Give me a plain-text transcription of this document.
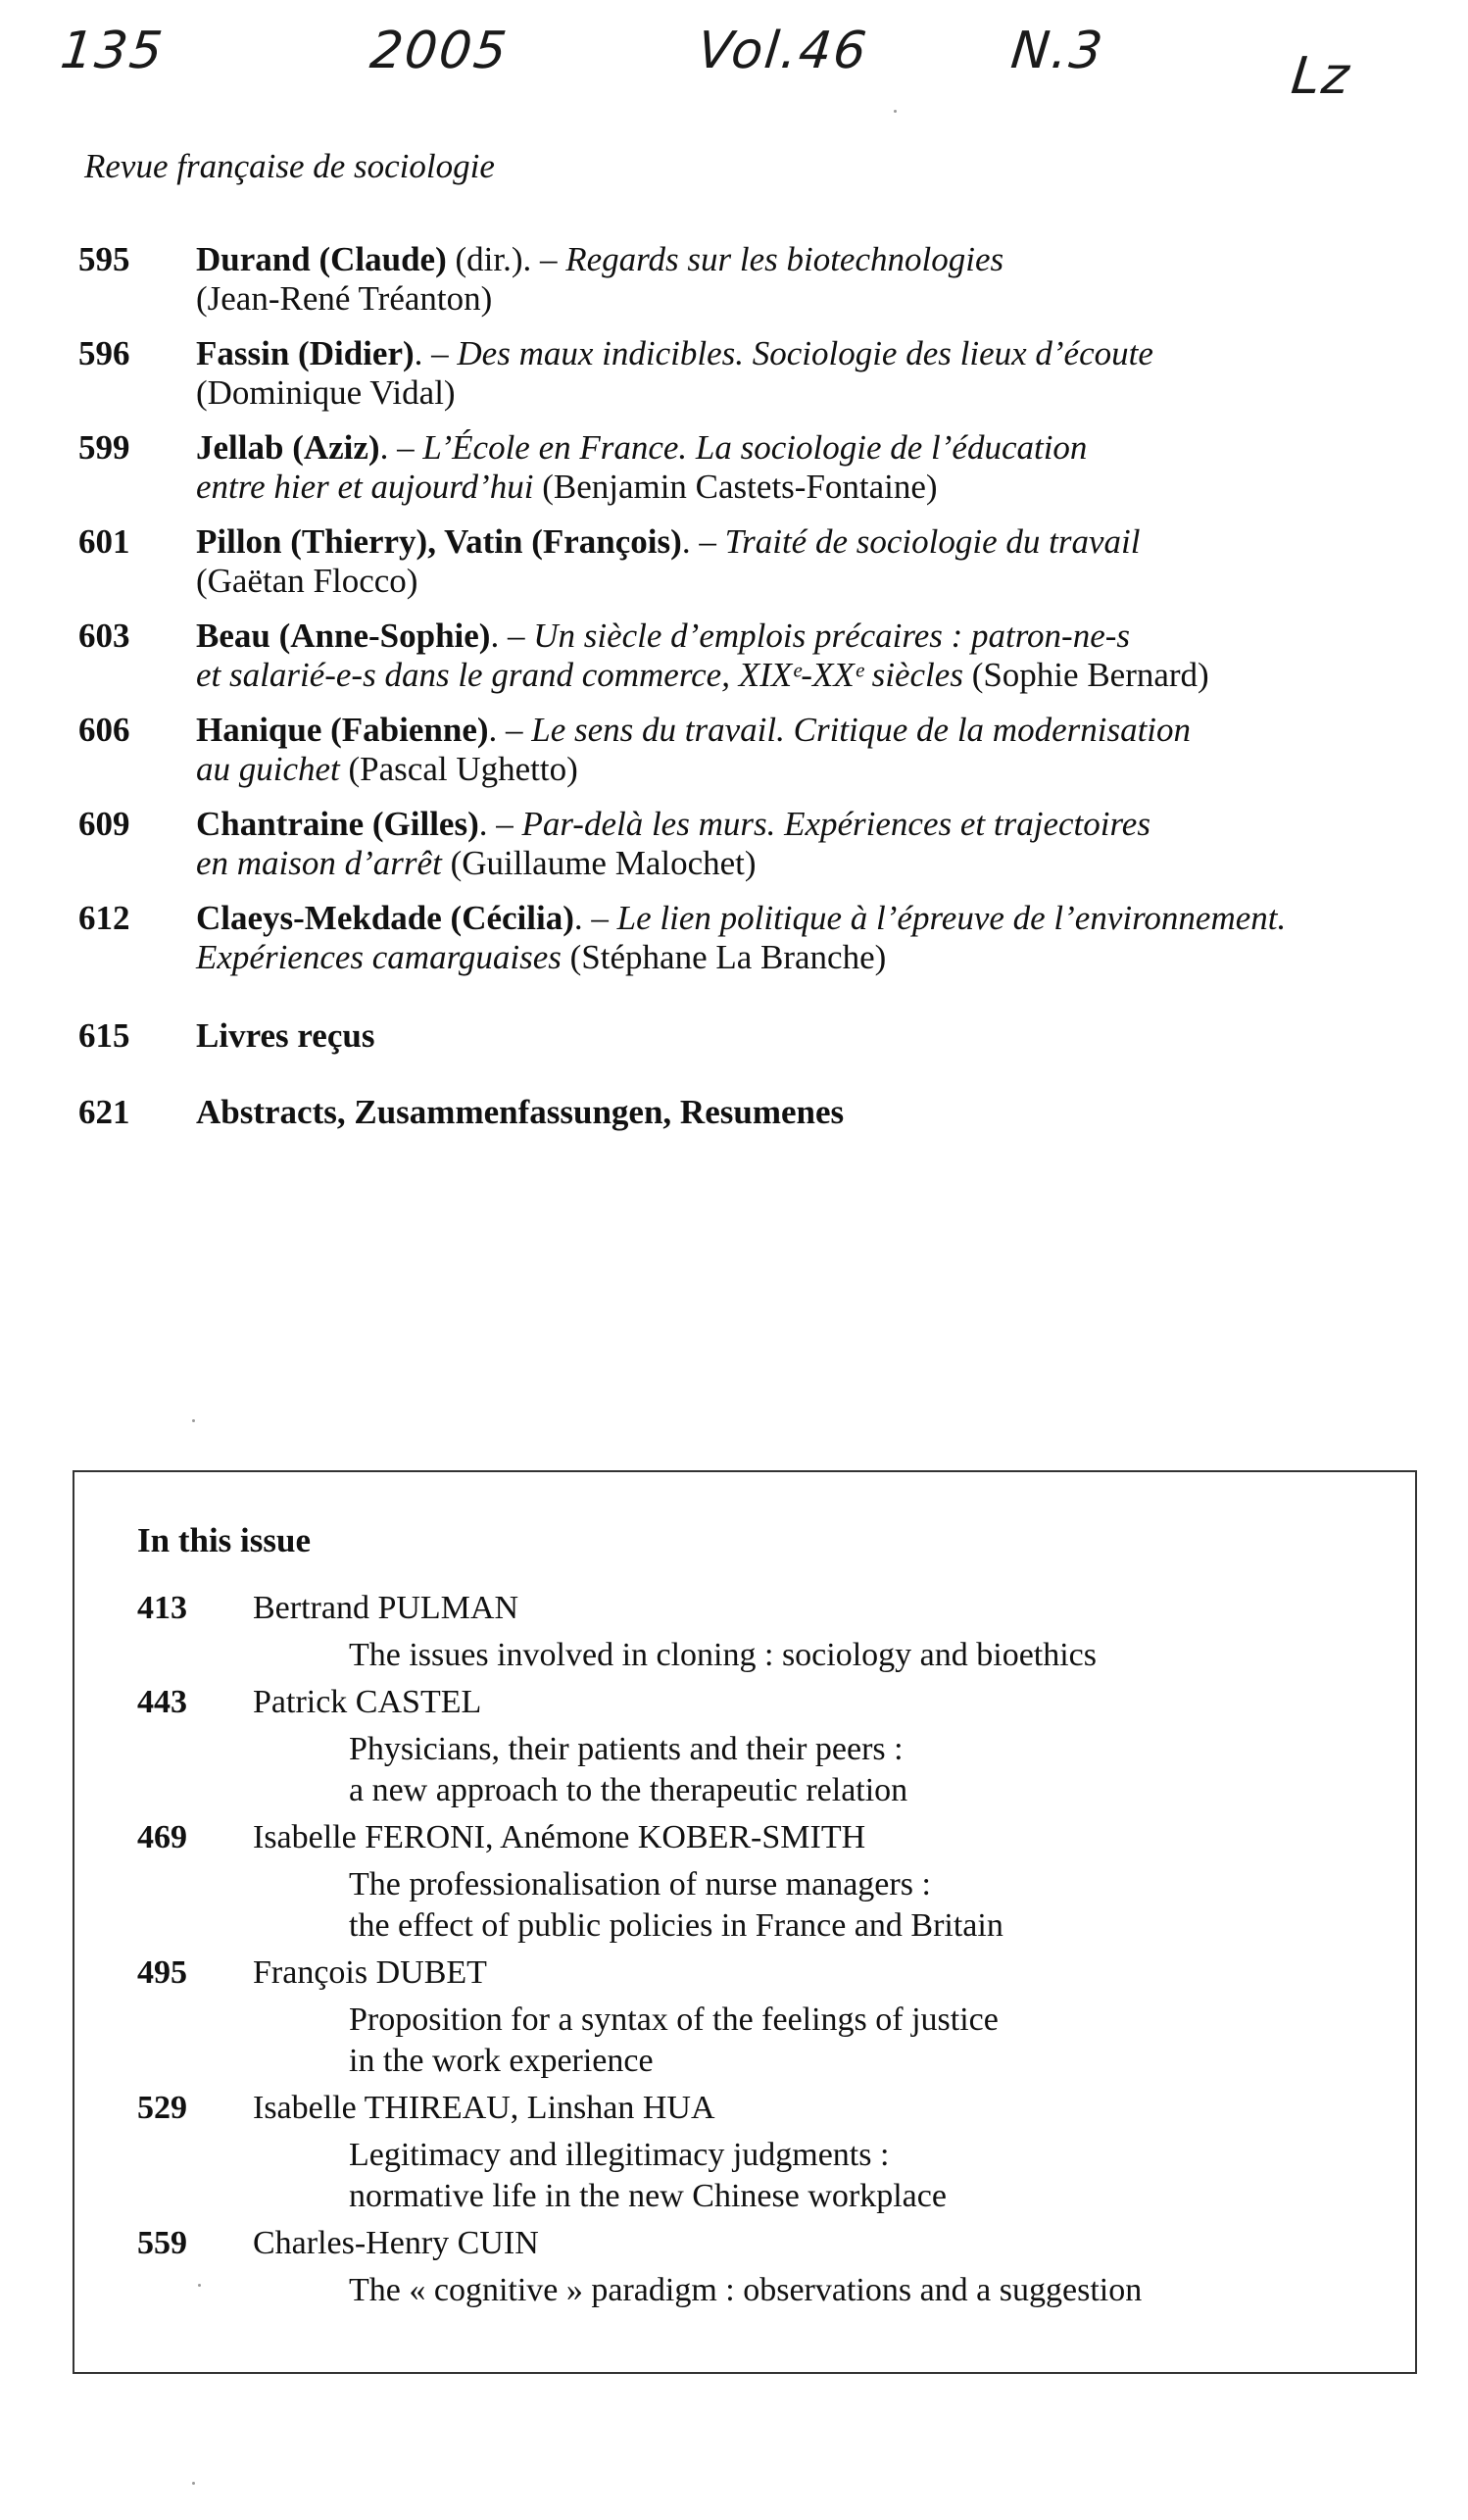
135	2005	Vol.46	N.3	Lz
Revue française de sociologie
595	Durand (Claude) (dir.). – Regards sur les biotechnologies
(Jean-René Tréanton)
596	Fassin (Didier). – Des maux indicibles. Sociologie des lieux d’écoute
(Dominique Vidal)
599	Jellab (Aziz). – L’École en France. La sociologie de l’éducation
entre hier et aujourd’hui (Benjamin Castets-Fontaine)
601	Pillon (Thierry), Vatin (François). – Traité de sociologie du travail
(Gaëtan Flocco)
603	Beau (Anne-Sophie). – Un siècle d’emplois précaires : patron-ne-s
et salarié-e-s dans le grand commerce, XIXᵉ-XXᵉ siècles (Sophie Bernard)
606	Hanique (Fabienne). – Le sens du travail. Critique de la modernisation
au guichet (Pascal Ughetto)
609	Chantraine (Gilles). – Par-delà les murs. Expériences et trajectoires
en maison d’arrêt (Guillaume Malochet)
612	Claeys-Mekdade (Cécilia). – Le lien politique à l’épreuve de l’environnement.
Expériences camarguaises (Stéphane La Branche)
615	Livres reçus
621	Abstracts, Zusammenfassungen, Resumenes
In this issue
413	Bertrand PULMAN
The issues involved in cloning : sociology and bioethics
443	Patrick CASTEL
Physicians, their patients and their peers :
a new approach to the therapeutic relation
469	Isabelle FERONI, Anémone KOBER-SMITH
The professionalisation of nurse managers :
the effect of public policies in France and Britain
495	François DUBET
Proposition for a syntax of the feelings of justice
in the work experience
529	Isabelle THIREAU, Linshan HUA
Legitimacy and illegitimacy judgments :
normative life in the new Chinese workplace
559	Charles-Henry CUIN
The « cognitive » paradigm : observations and a suggestion
